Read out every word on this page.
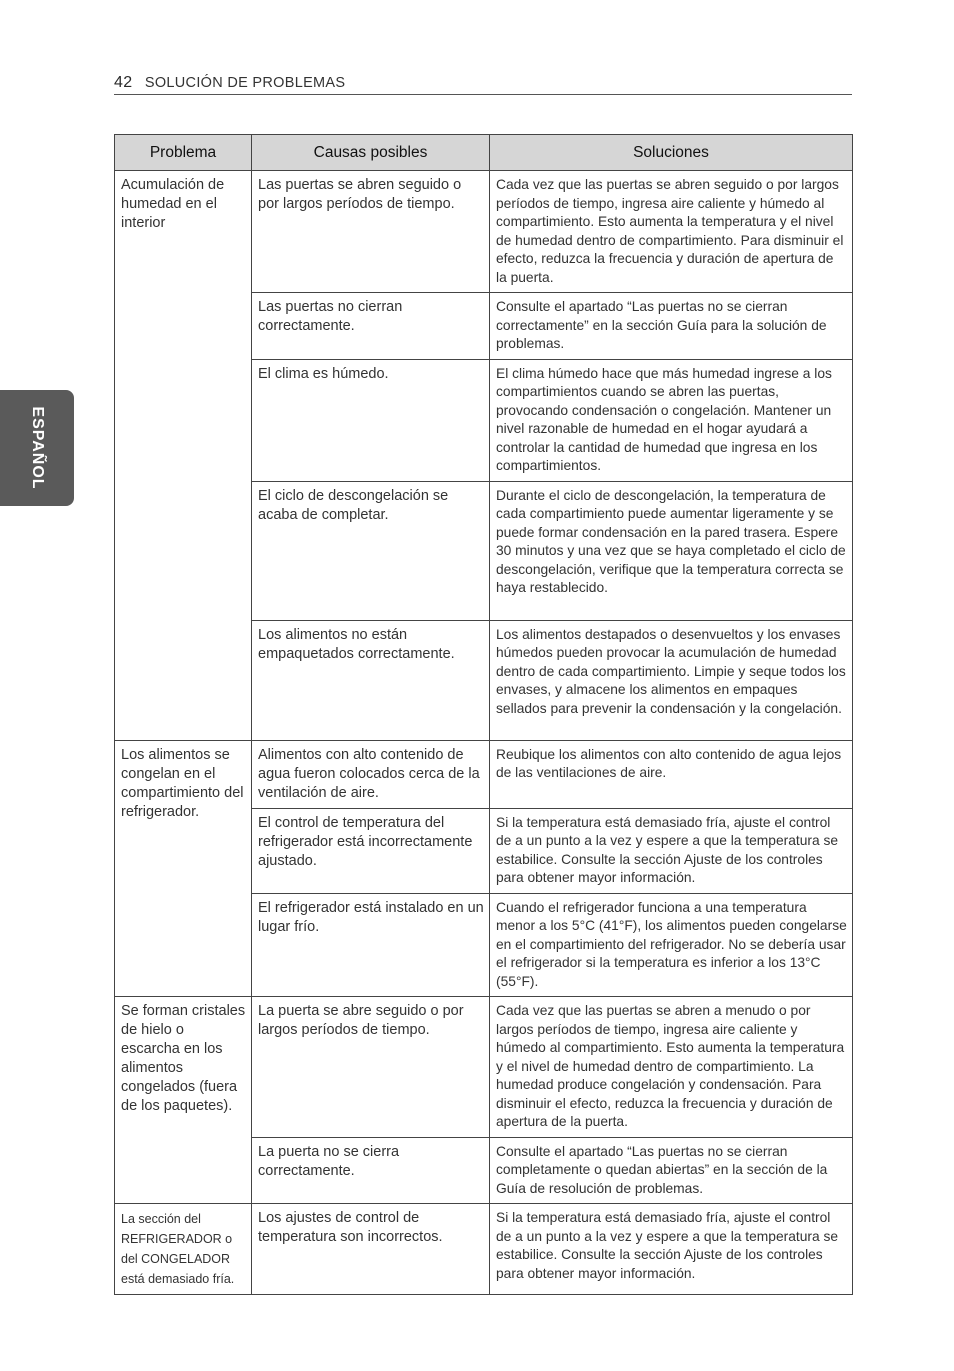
42 SOLUCIÓN DE PROBLEMAS
ESPAÑOL
Problema	Causas posibles	Soluciones
Acumulación de humedad en el interior	Las puertas se abren seguido o por largos períodos de tiempo.	Cada vez que las puertas se abren seguido o por largos períodos de tiempo, ingresa aire caliente y húmedo al compartimiento. Esto aumenta la temperatura y el nivel de humedad dentro de compartimiento. Para disminuir el efecto, reduzca la frecuencia y duración de apertura de la puerta.
	Las puertas no cierran correctamente.	Consulte el apartado “Las puertas no se cierran correctamente” en la sección Guía para la solución de problemas.
	El clima es húmedo.	El clima húmedo hace que más humedad ingrese a los compartimientos cuando se abren las puertas, provocando condensación o congelación. Mantener un nivel razonable de humedad en el hogar ayudará a controlar la cantidad de humedad que ingresa en los compartimientos.
	El ciclo de descongelación se acaba de completar.	Durante el ciclo de descongelación, la temperatura de cada compartimiento puede aumentar ligeramente y se puede formar condensación en la pared trasera. Espere 30 minutos y una vez que se haya completado el ciclo de descongelación, verifique que la temperatura correcta se haya restablecido.
	Los alimentos no están empaquetados correctamente.	Los alimentos destapados o desenvueltos y los envases húmedos pueden provocar la acumulación de humedad dentro de cada compartimiento. Limpie y seque todos los envases, y almacene los alimentos en empaques sellados para prevenir la condensación y la congelación.
Los alimentos se congelan en el compartimiento del refrigerador.	Alimentos con alto contenido de agua fueron colocados cerca de la ventilación de aire.	Reubique los alimentos con alto contenido de agua lejos de las ventilaciones de aire.
	El control de temperatura del refrigerador está incorrectamente ajustado.	Si la temperatura está demasiado fría, ajuste el control de a un punto a la vez y espere a que la temperatura se estabilice. Consulte la sección Ajuste de los controles para obtener mayor información.
	El refrigerador está instalado en un lugar frío.	Cuando el refrigerador funciona a una temperatura menor a los 5°C (41°F), los alimentos pueden congelarse en el compartimiento del refrigerador. No se debería usar el refrigerador si la temperatura es inferior a los 13°C (55°F).
Se forman cristales de hielo o escarcha en los alimentos congelados (fuera de los paquetes).	La puerta se abre seguido o por largos períodos de tiempo.	Cada vez que las puertas se abren a menudo o por largos períodos de tiempo, ingresa aire caliente y húmedo al compartimiento. Esto aumenta la temperatura y el nivel de humedad dentro de compartimiento. La humedad produce congelación y condensación. Para disminuir el efecto, reduzca la frecuencia y duración de apertura de la puerta.
	La puerta no se cierra correctamente.	Consulte el apartado “Las puertas no se cierran completamente o quedan abiertas” en la sección de la Guía de resolución de problemas.
La sección del REFRIGERADOR o del CONGELADOR está demasiado fría.	Los ajustes de control de temperatura son incorrectos.	Si la temperatura está demasiado fría, ajuste el control de a un punto a la vez y espere a que la temperatura se estabilice. Consulte la sección Ajuste de los controles para obtener mayor información.
